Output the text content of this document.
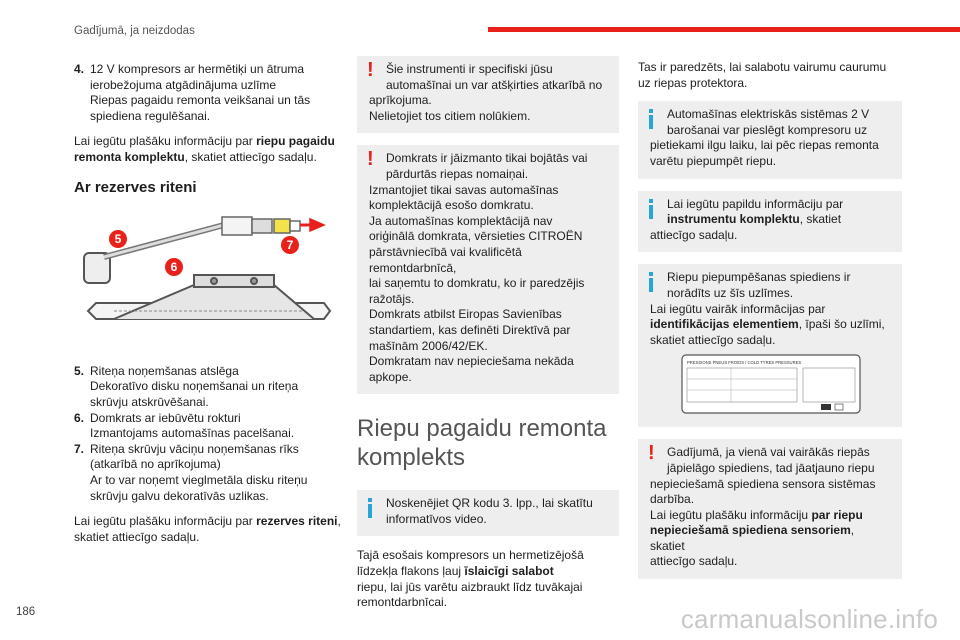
Gadījumā, ja neizdodas

4. 12 V kompresors ar hermētiķi un ātruma
ierobežojuma atgādinājuma uzlīme
Riepas pagaidu remonta veikšanai un tās
spiediena regulēšanai.

Lai iegūtu plašāku informāciju par riepu pagaidu remonta komplektu, skatiet attiecīgo sadaļu.

Ar rezerves riteni
5
6
7

5. Riteņa noņemšanas atslēga
Dekoratīvo disku noņemšanai un riteņa
skrūvju atskrūvēšanai.

6. Domkrats ar iebūvētu rokturi
Izmantojams automašīnas pacelšanai.

7. Riteņa skrūvju vāciņu noņemšanas rīks
(atkarībā no aprīkojuma)
Ar to var noņemt vieglmetāla disku riteņu
skrūvju galvu dekoratīvās uzlikas.

Lai iegūtu plašāku informāciju par rezerves riteni, skatiet attiecīgo sadaļu.

!	Šie instrumenti ir specifiski jūsu
automašīnai un var atšķirties atkarībā no
aprīkojuma.
Nelietojiet tos citiem nolūkiem.
!	Domkrats ir jāizmanto tikai bojātās vai
pārdurtās riepas nomaiņai.
Izmantojiet tikai savas automašīnas
komplektācijā esošo domkratu.
Ja automašīnas komplektācijā nav
oriģinālā domkrata, vērsieties CITROËN
pārstāvniecībā vai kvalificētā remontdarbnīcā,
lai saņemtu to domkratu, ko ir paredzējis
ražotājs.
Domkrats atbilst Eiropas Savienības
standartiem, kas definēti Direktīvā par
mašīnām 2006/42/EK.
Domkratam nav nepieciešama nekāda
apkope.
Riepu pagaidu remonta komplekts
Noskenējiet QR kodu 3. lpp., lai skatītu
informatīvos video.

Tajā esošais kompresors un hermetizējošā
līdzekļa flakons ļauj īslaicīgi salabot
riepu, lai jūs varētu aizbraukt līdz tuvākajai
remontdarbnīcai.

Tas ir paredzēts, lai salabotu vairumu caurumu
uz riepas protektora.

Automašīnas elektriskās sistēmas 2 V
barošanai var pieslēgt kompresoru uz
pietiekami ilgu laiku, lai pēc riepas remonta
varētu piepumpēt riepu.
Lai iegūtu papildu informāciju par
instrumentu komplektu, skatiet
attiecīgo sadaļu.
Riepu piepumpēšanas spiediens ir
norādīts uz šīs uzlīmes.
Lai iegūtu vairāk informācijas par
identifikācijas elementiem, īpaši šo uzlīmi,
skatiet attiecīgo sadaļu.
PRESSIONS PNEUS FROIDS / COLD TYRES PRESSURES
!	Gadījumā, ja vienā vai vairākās riepās
jāpielāgo spiediens, tad jāatjauno riepu
nepieciešamā spiediena sensora sistēmas
darbība.
Lai iegūtu plašāku informāciju par riepu
nepieciešamā spiediena sensoriem, skatiet
attiecīgo sadaļu.
186	carmanualsonline.info
